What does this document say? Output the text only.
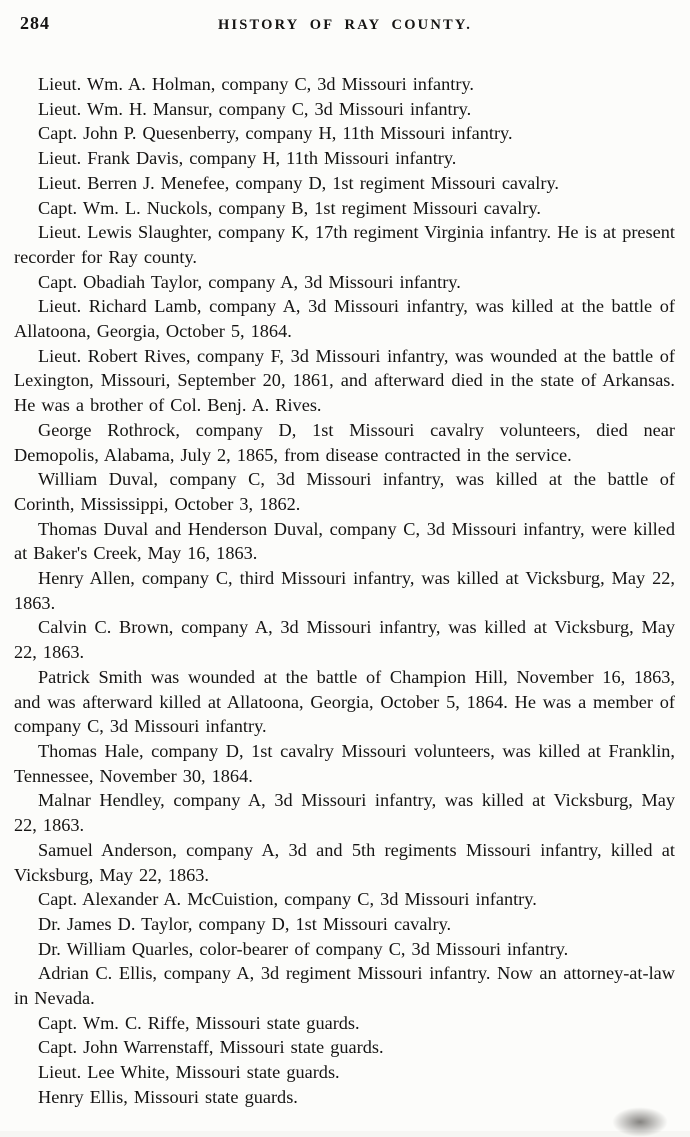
284	HISTORY OF RAY COUNTY.

Lieut. Wm. A. Holman, company C, 3d Missouri infantry.

Lieut. Wm. H. Mansur, company C, 3d Missouri infantry.

Capt. John P. Quesenberry, company H, 11th Missouri infantry.

Lieut. Frank Davis, company H, 11th Missouri infantry.

Lieut. Berren J. Menefee, company D, 1st regiment Missouri cavalry.

Capt. Wm. L. Nuckols, company B, 1st regiment Missouri cavalry.

Lieut. Lewis Slaughter, company K, 17th regiment Virginia infantry. He is at present recorder for Ray county.

Capt. Obadiah Taylor, company A, 3d Missouri infantry.

Lieut. Richard Lamb, company A, 3d Missouri infantry, was killed at the battle of Allatoona, Georgia, October 5, 1864.

Lieut. Robert Rives, company F, 3d Missouri infantry, was wounded at the battle of Lexington, Missouri, September 20, 1861, and afterward died in the state of Arkansas. He was a brother of Col. Benj. A. Rives.

George Rothrock, company D, 1st Missouri cavalry volunteers, died near Demopolis, Alabama, July 2, 1865, from disease contracted in the service.

William Duval, company C, 3d Missouri infantry, was killed at the battle of Corinth, Mississippi, October 3, 1862.

Thomas Duval and Henderson Duval, company C, 3d Missouri infantry, were killed at Baker's Creek, May 16, 1863.

Henry Allen, company C, third Missouri infantry, was killed at Vicksburg, May 22, 1863.

Calvin C. Brown, company A, 3d Missouri infantry, was killed at Vicksburg, May 22, 1863.

Patrick Smith was wounded at the battle of Champion Hill, November 16, 1863, and was afterward killed at Allatoona, Georgia, October 5, 1864. He was a member of company C, 3d Missouri infantry.

Thomas Hale, company D, 1st cavalry Missouri volunteers, was killed at Franklin, Tennessee, November 30, 1864.

Malnar Hendley, company A, 3d Missouri infantry, was killed at Vicksburg, May 22, 1863.

Samuel Anderson, company A, 3d and 5th regiments Missouri infantry, killed at Vicksburg, May 22, 1863.

Capt. Alexander A. McCuistion, company C, 3d Missouri infantry.

Dr. James D. Taylor, company D, 1st Missouri cavalry.

Dr. William Quarles, color-bearer of company C, 3d Missouri infantry.

Adrian C. Ellis, company A, 3d regiment Missouri infantry. Now an attorney-at-law in Nevada.

Capt. Wm. C. Riffe, Missouri state guards.

Capt. John Warrenstaff, Missouri state guards.

Lieut. Lee White, Missouri state guards.

Henry Ellis, Missouri state guards.
